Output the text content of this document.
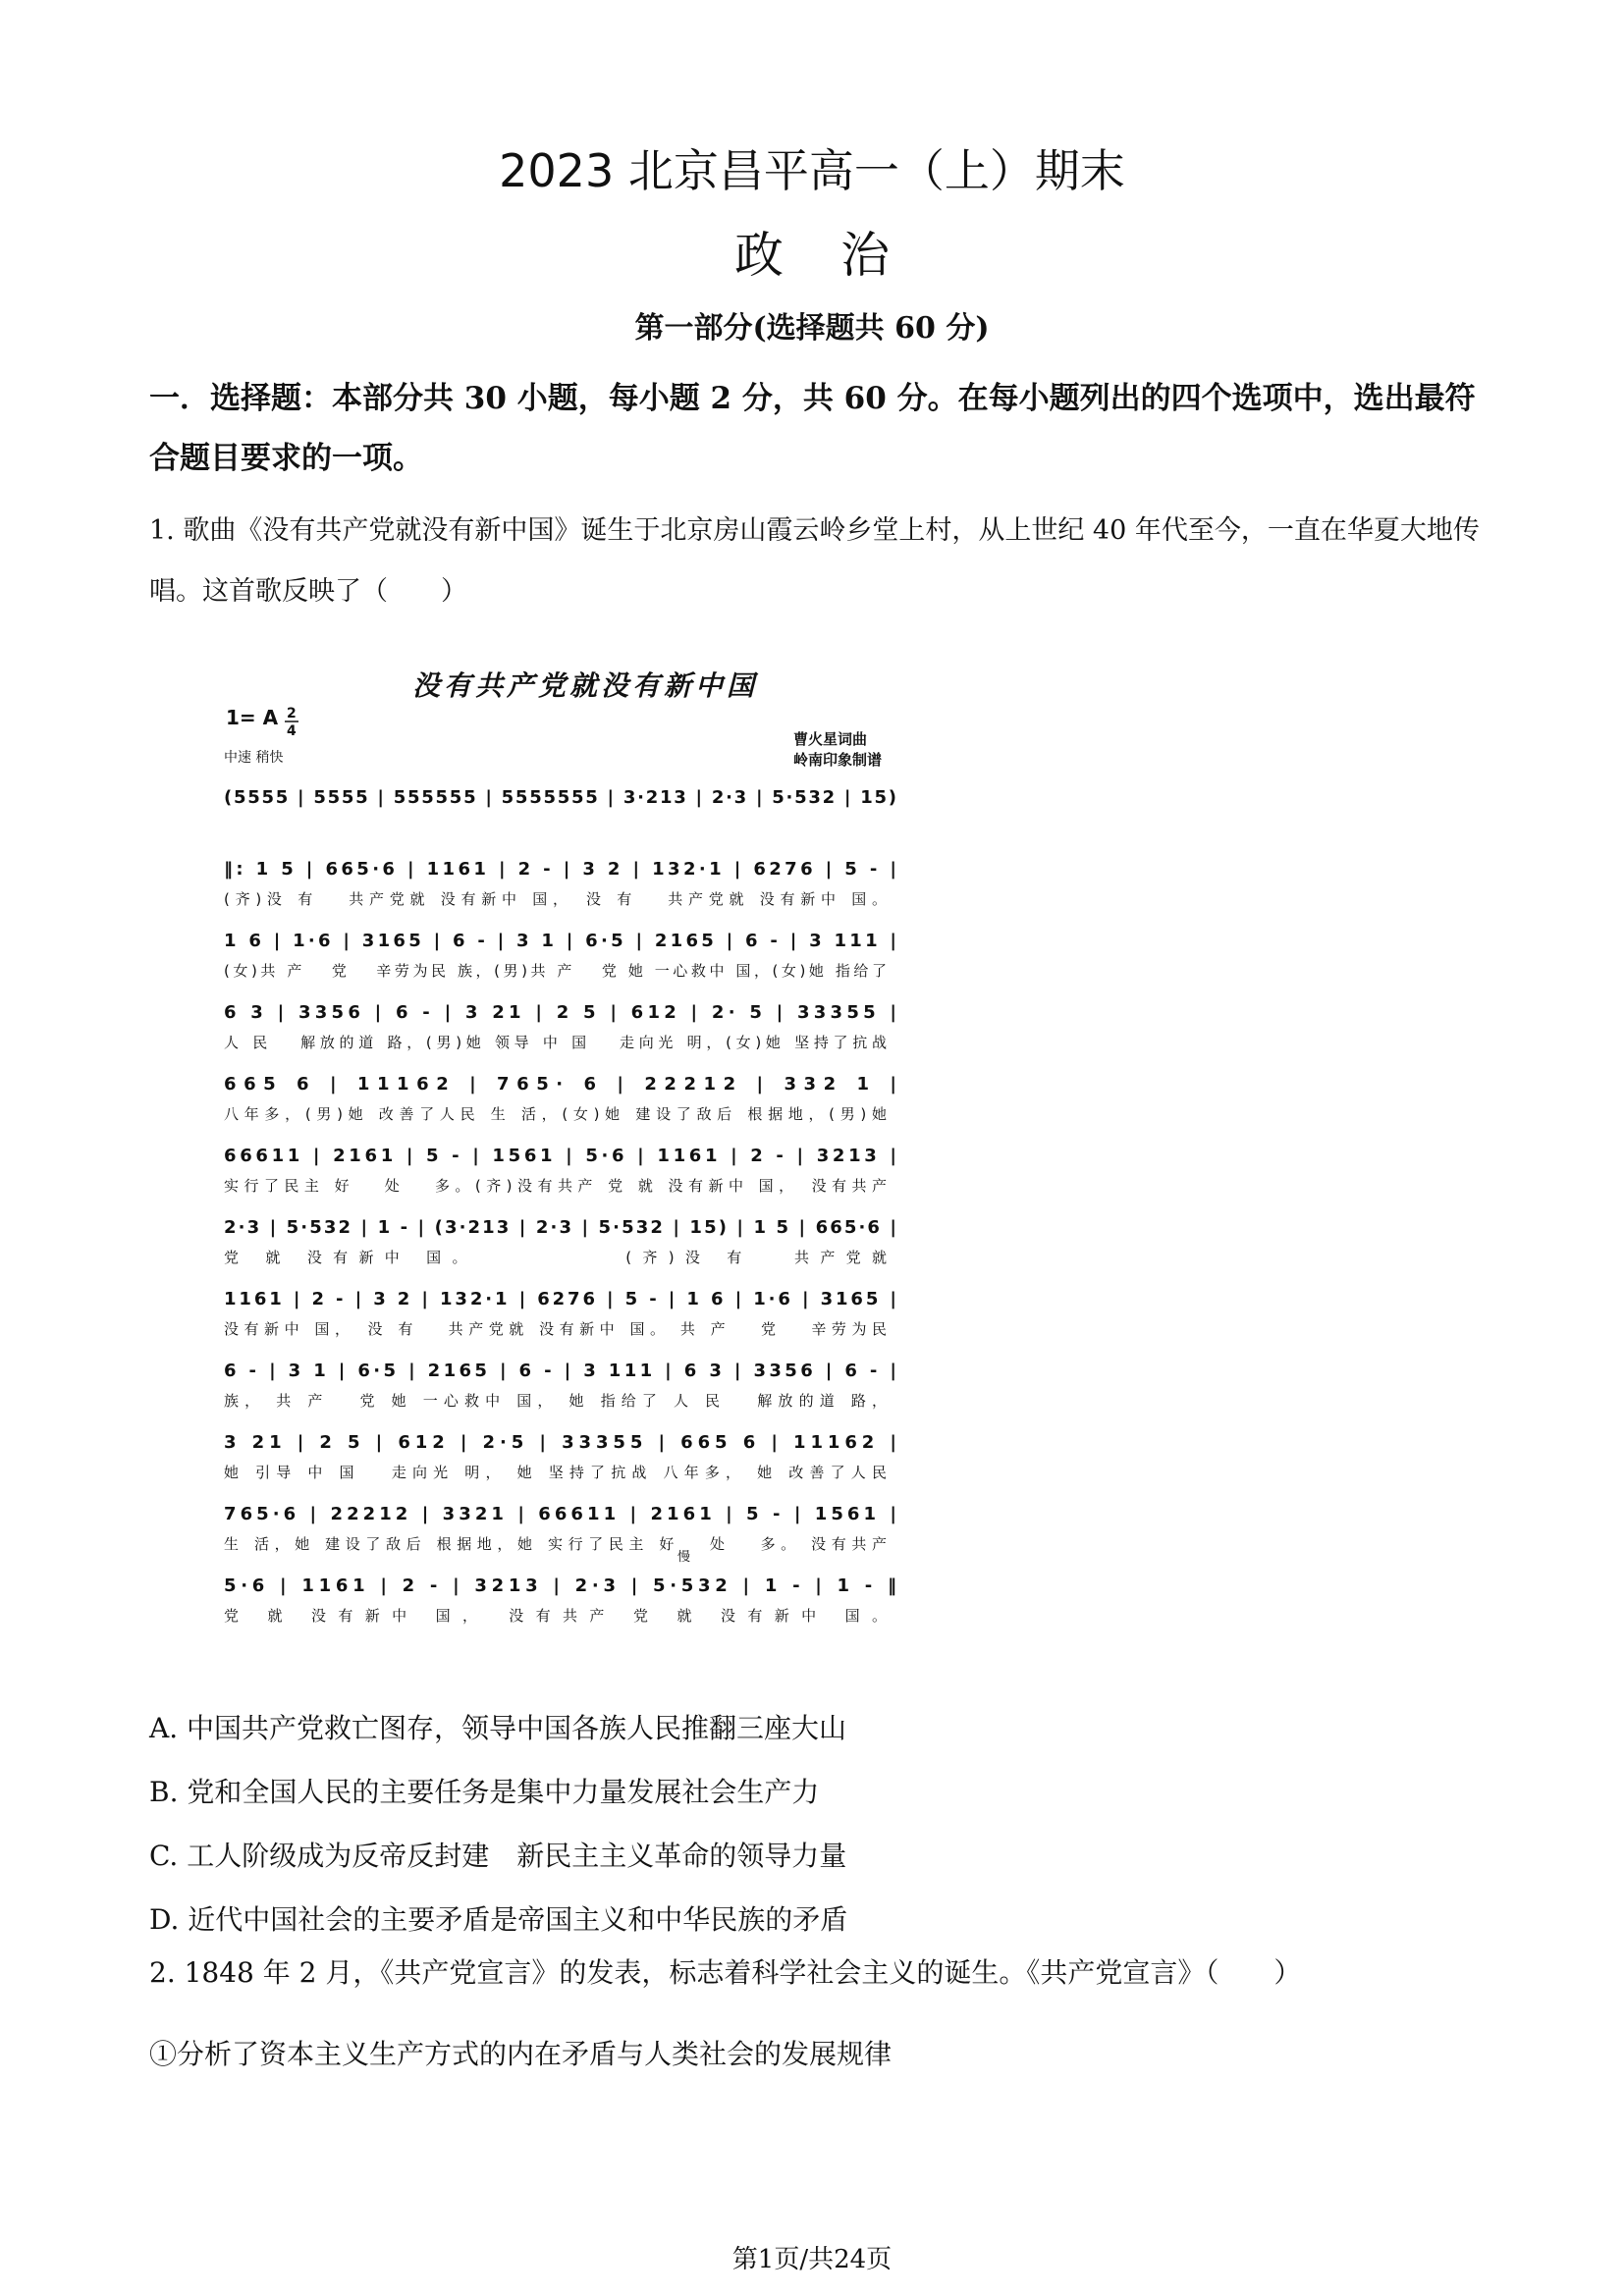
2023 北京昌平高一（上）期末
政治
第一部分(选择题共 60 分)
一．选择题：本部分共 30 小题，每小题 2 分，共 60 分。在每小题列出的四个选项中，选出最符合题目要求的一项。
1. 歌曲《没有共产党就没有新中国》诞生于北京房山霞云岭乡堂上村，从上世纪 40 年代至今，一直在华夏大地传唱。这首歌反映了（　　）
没有共产党就没有新中国
1= A 2
4
中速 稍快
曹火星词曲
岭南印象制谱
(5555 | 5555 | 555555 | 5555555 | 3·213 | 2·3 | 5·532 | 15)
‖: 1 5 | 665·6 | 1161 | 2 - | 3 2 | 132·1 | 6276 | 5 - |
(齐)没 有　 共产党就 没有新中 国，　没 有　 共产党就 没有新中 国。
1 6 | 1·6 | 3165 | 6 - | 3 1 | 6·5 | 2165 | 6 - | 3 111 |
(女)共 产　 党　 辛劳为民 族，(男)共 产　 党 她 一心救中 国，(女)她 指给了
6 3 | 3356 | 6 - | 3 21 | 2 5 | 612 | 2· 5 | 33355 |
人 民　 解放的道 路，(男)她 领导 中 国　 走向光 明，(女)她 坚持了抗战
665 6 | 11162 | 765· 6 | 22212 | 332 1 |
八年多，(男)她 改善了人民 生 活，(女)她 建设了敌后 根据地，(男)她
66611 | 2161 | 5 - | 1561 | 5·6 | 1161 | 2 - | 3213 |
实行了民主 好　 处　 多。(齐)没有共产 党 就 没有新中 国，　没有共产
2·3 | 5·532 | 1 - | (3·213 | 2·3 | 5·532 | 15) | 1 5 | 665·6 |
党 就 没有新中 国。　　　　　　(齐)没 有　 共产党就
1161 | 2 - | 3 2 | 132·1 | 6276 | 5 - | 1 6 | 1·6 | 3165 |
没有新中 国，　没 有　 共产党就 没有新中 国。 共 产　 党　 辛劳为民
6 - | 3 1 | 6·5 | 2165 | 6 - | 3 111 | 6 3 | 3356 | 6 - |
族， 共 产　 党 她 一心救中 国， 她 指给了 人 民　 解放的道 路，
3 21 | 2 5 | 612 | 2·5 | 33355 | 665 6 | 11162 |
她 引导 中 国　 走向光 明， 她 坚持了抗战 八年多， 她 改善了人民
765·6 | 22212 | 3321 | 66611 | 2161 | 5 - | 1561 |
生 活，她 建设了敌后 根据地，她 实行了民主 好　 处　 多。 没有共产
5·6 | 1161 | 2 - | 3213 | 2·3 | 5·532 | 1 - | 1 - ‖
党 就 没有新中 国，　没有共产 党 就 没有新中 国。
慢
A. 中国共产党救亡图存，领导中国各族人民推翻三座大山
B. 党和全国人民的主要任务是集中力量发展社会生产力
C. 工人阶级成为反帝反封建　新民主主义革命的领导力量
D. 近代中国社会的主要矛盾是帝国主义和中华民族的矛盾
2. 1848 年 2 月，《共产党宣言》的发表，标志着科学社会主义的诞生。《共产党宣言》（　　）
①分析了资本主义生产方式的内在矛盾与人类社会的发展规律
第1页/共24页
